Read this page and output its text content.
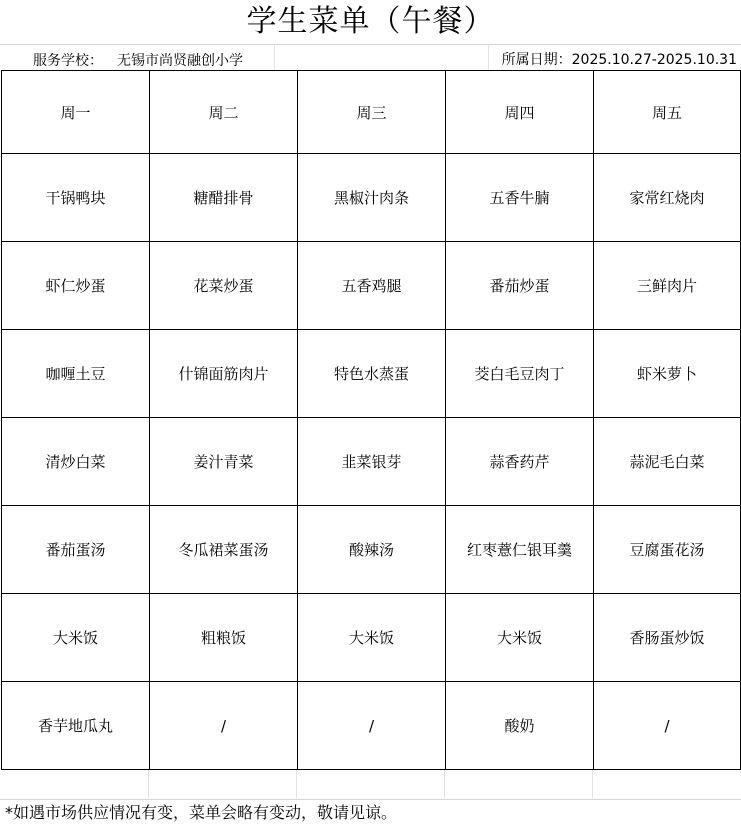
学生菜单（午餐）
服务学校： 无锡市尚贤融创小学	所属日期：2025.10.27-2025.10.31
周一	周二	周三	周四	周五
干锅鸭块	糖醋排骨	黑椒汁肉条	五香牛腩	家常红烧肉
虾仁炒蛋	花菜炒蛋	五香鸡腿	番茄炒蛋	三鲜肉片
咖喱土豆	什锦面筋肉片	特色水蒸蛋	茭白毛豆肉丁	虾米萝卜
清炒白菜	姜汁青菜	韭菜银芽	蒜香药芹	蒜泥毛白菜
番茄蛋汤	冬瓜裙菜蛋汤	酸辣汤	红枣薏仁银耳羹	豆腐蛋花汤
大米饭	粗粮饭	大米饭	大米饭	香肠蛋炒饭
香芋地瓜丸	/	/	酸奶	/
*如遇市场供应情况有变，菜单会略有变动，敬请见谅。
